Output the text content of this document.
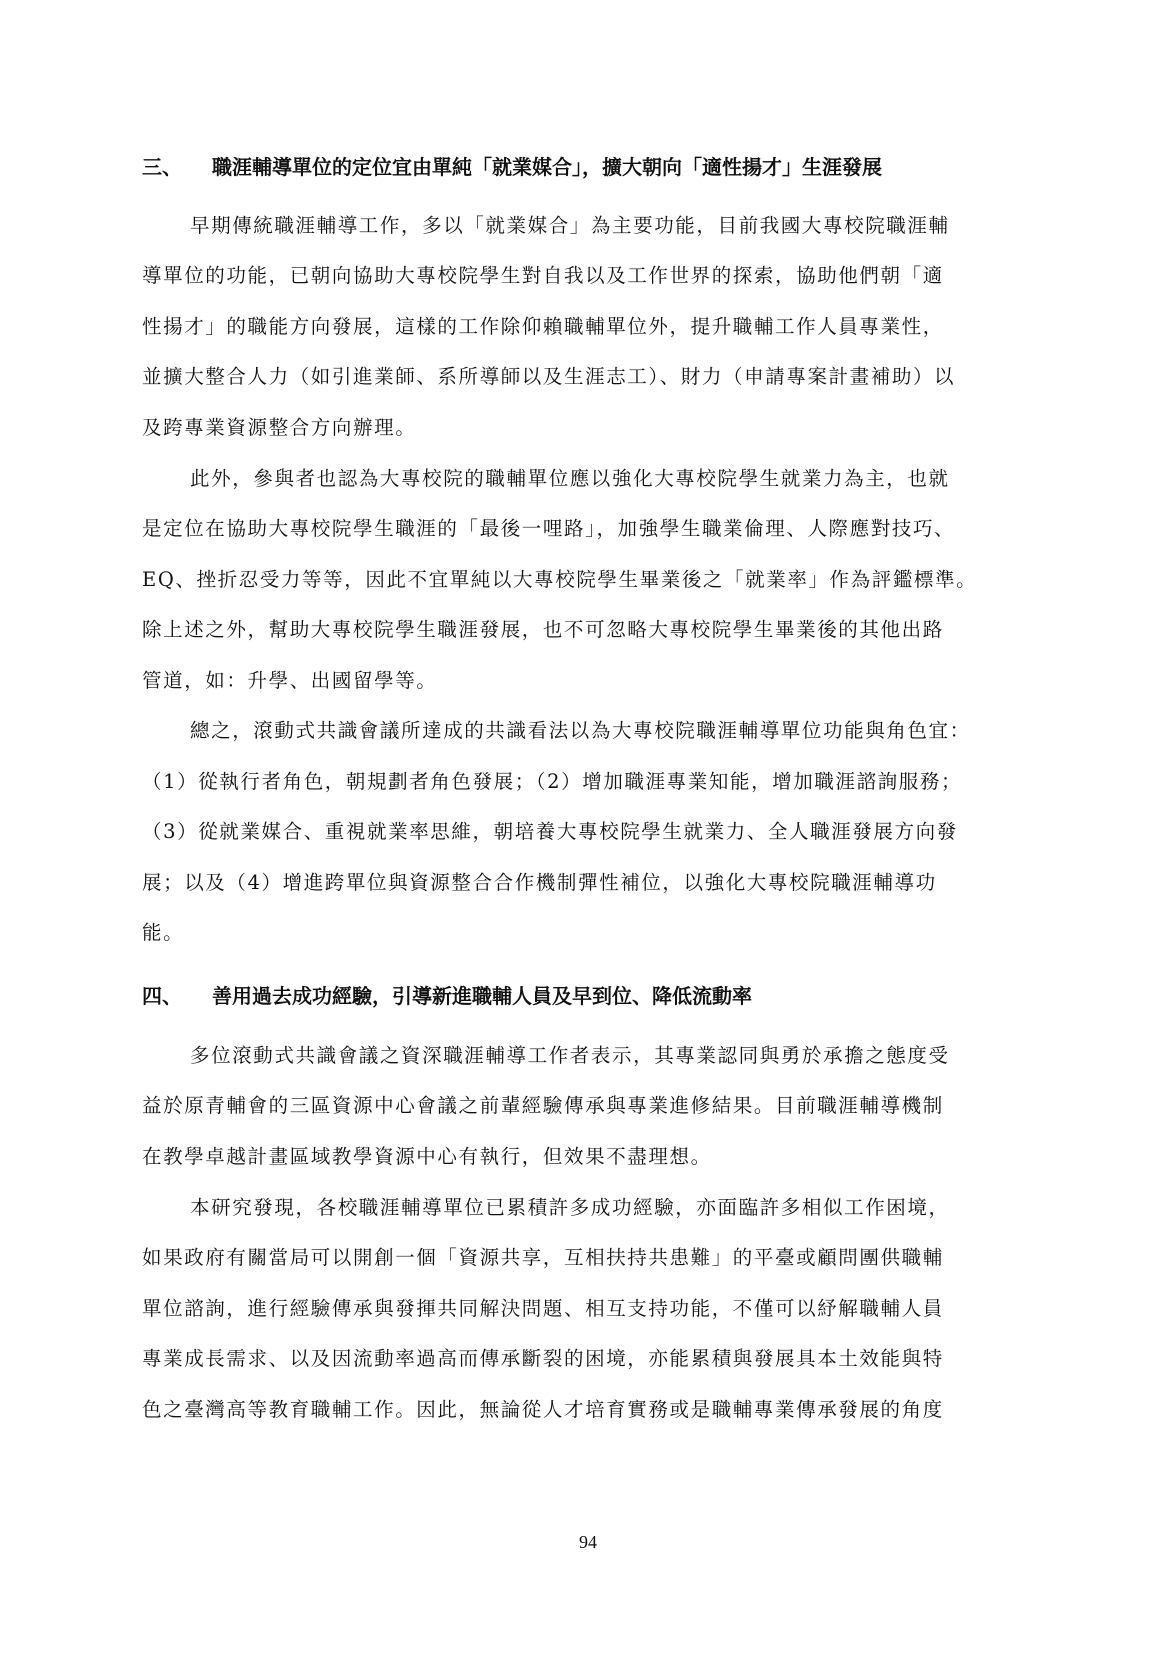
三、 職涯輔導單位的定位宜由單純「就業媒合」，擴大朝向「適性揚才」生涯發展
早期傳統職涯輔導工作，多以「就業媒合」為主要功能，目前我國大專校院職涯輔
導單位的功能，已朝向協助大專校院學生對自我以及工作世界的探索，協助他們朝「適
性揚才」的職能方向發展，這樣的工作除仰賴職輔單位外，提升職輔工作人員專業性，
並擴大整合人力（如引進業師、系所導師以及生涯志工）、財力（申請專案計畫補助）以
及跨專業資源整合方向辦理。
此外，參與者也認為大專校院的職輔單位應以強化大專校院學生就業力為主，也就
是定位在協助大專校院學生職涯的「最後一哩路」，加強學生職業倫理、人際應對技巧、
EQ、挫折忍受力等等，因此不宜單純以大專校院學生畢業後之「就業率」作為評鑑標準。
除上述之外，幫助大專校院學生職涯發展，也不可忽略大專校院學生畢業後的其他出路
管道，如：升學、出國留學等。
總之，滾動式共識會議所達成的共識看法以為大專校院職涯輔導單位功能與角色宜：
（1）從執行者角色，朝規劃者角色發展；（2）增加職涯專業知能，增加職涯諮詢服務；
（3）從就業媒合、重視就業率思維，朝培養大專校院學生就業力、全人職涯發展方向發
展；以及（4）增進跨單位與資源整合合作機制彈性補位，以強化大專校院職涯輔導功
能。
四、 善用過去成功經驗，引導新進職輔人員及早到位、降低流動率
多位滾動式共識會議之資深職涯輔導工作者表示，其專業認同與勇於承擔之態度受
益於原青輔會的三區資源中心會議之前輩經驗傳承與專業進修結果。目前職涯輔導機制
在教學卓越計畫區域教學資源中心有執行，但效果不盡理想。
本研究發現，各校職涯輔導單位已累積許多成功經驗，亦面臨許多相似工作困境，
如果政府有關當局可以開創一個「資源共享，互相扶持共患難」的平臺或顧問團供職輔
單位諮詢，進行經驗傳承與發揮共同解決問題、相互支持功能，不僅可以紓解職輔人員
專業成長需求、以及因流動率過高而傳承斷裂的困境，亦能累積與發展具本土效能與特
色之臺灣高等教育職輔工作。因此，無論從人才培育實務或是職輔專業傳承發展的角度
94
